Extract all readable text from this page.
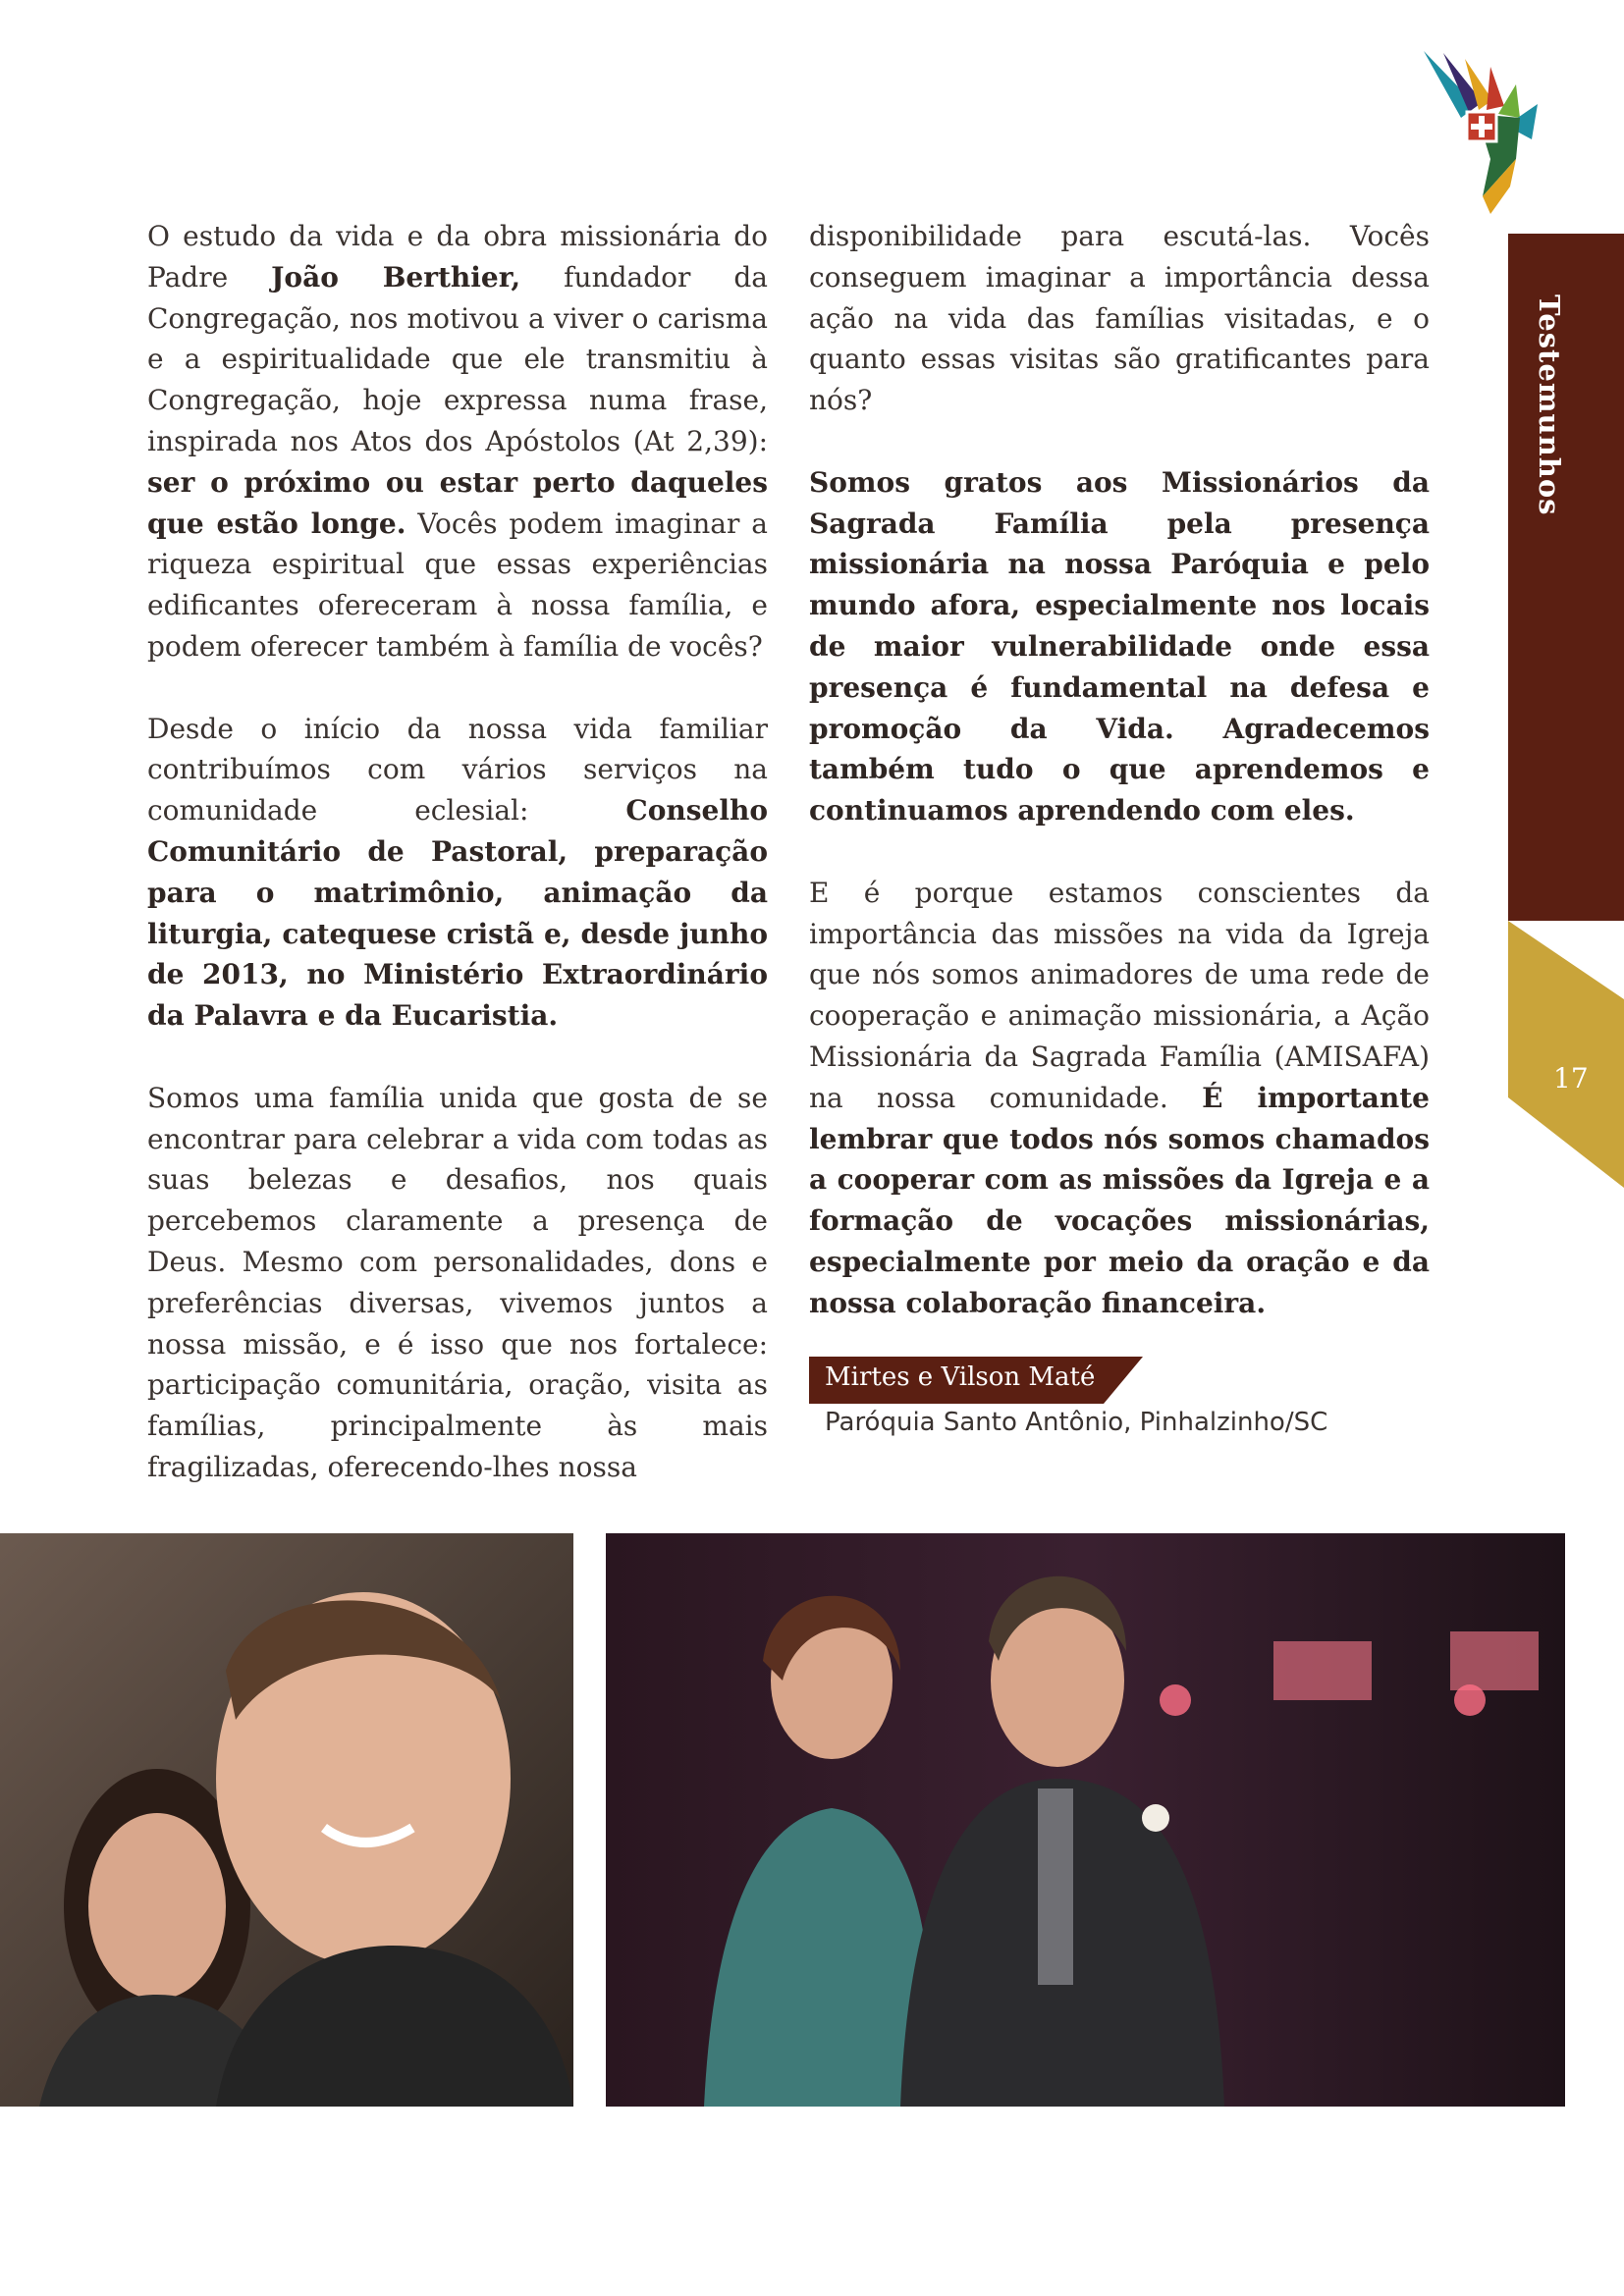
Testemunhos
17

O estudo da vida e da obra missionária do Padre João Berthier, fundador da Congregação, nos motivou a viver o carisma e a espiritualidade que ele transmitiu à Congregação, hoje expressa numa frase, inspirada nos Atos dos Apóstolos (At 2,39): ser o próximo ou estar perto daqueles que estão longe. Vocês podem imaginar a riqueza espiritual que essas experiências edificantes ofereceram à nossa família, e podem oferecer também à família de vocês?

Desde o início da nossa vida familiar contribuímos com vários serviços na comunidade eclesial: Conselho Comunitário de Pastoral, preparação para o matrimônio, animação da liturgia, catequese cristã e, desde junho de 2013, no Ministério Extraordinário da Palavra e da Eucaristia.

Somos uma família unida que gosta de se encontrar para celebrar a vida com todas as suas belezas e desafios, nos quais percebemos claramente a presença de Deus. Mesmo com personalidades, dons e preferências diversas, vivemos juntos a nossa missão, e é isso que nos fortalece: participação comunitária, oração, visita as famílias, principalmente às mais fragilizadas, oferecendo-lhes nossa

disponibilidade para escutá-las. Vocês conseguem imaginar a importância dessa ação na vida das famílias visitadas, e o quanto essas visitas são gratificantes para nós?

Somos gratos aos Missionários da Sagrada Família pela presença missionária na nossa Paróquia e pelo mundo afora, especialmente nos locais de maior vulnerabilidade onde essa presença é fundamental na defesa e promoção da Vida. Agradecemos também tudo o que aprendemos e continuamos aprendendo com eles.

E é porque estamos conscientes da importância das missões na vida da Igreja que nós somos animadores de uma rede de cooperação e animação missionária, a Ação Missionária da Sagrada Família (AMISAFA) na nossa comunidade. É importante lembrar que todos nós somos chamados a cooperar com as missões da Igreja e a formação de vocações missionárias, especialmente por meio da oração e da nossa colaboração financeira.

Mirtes e Vilson Maté
Paróquia Santo Antônio, Pinhalzinho/SC
